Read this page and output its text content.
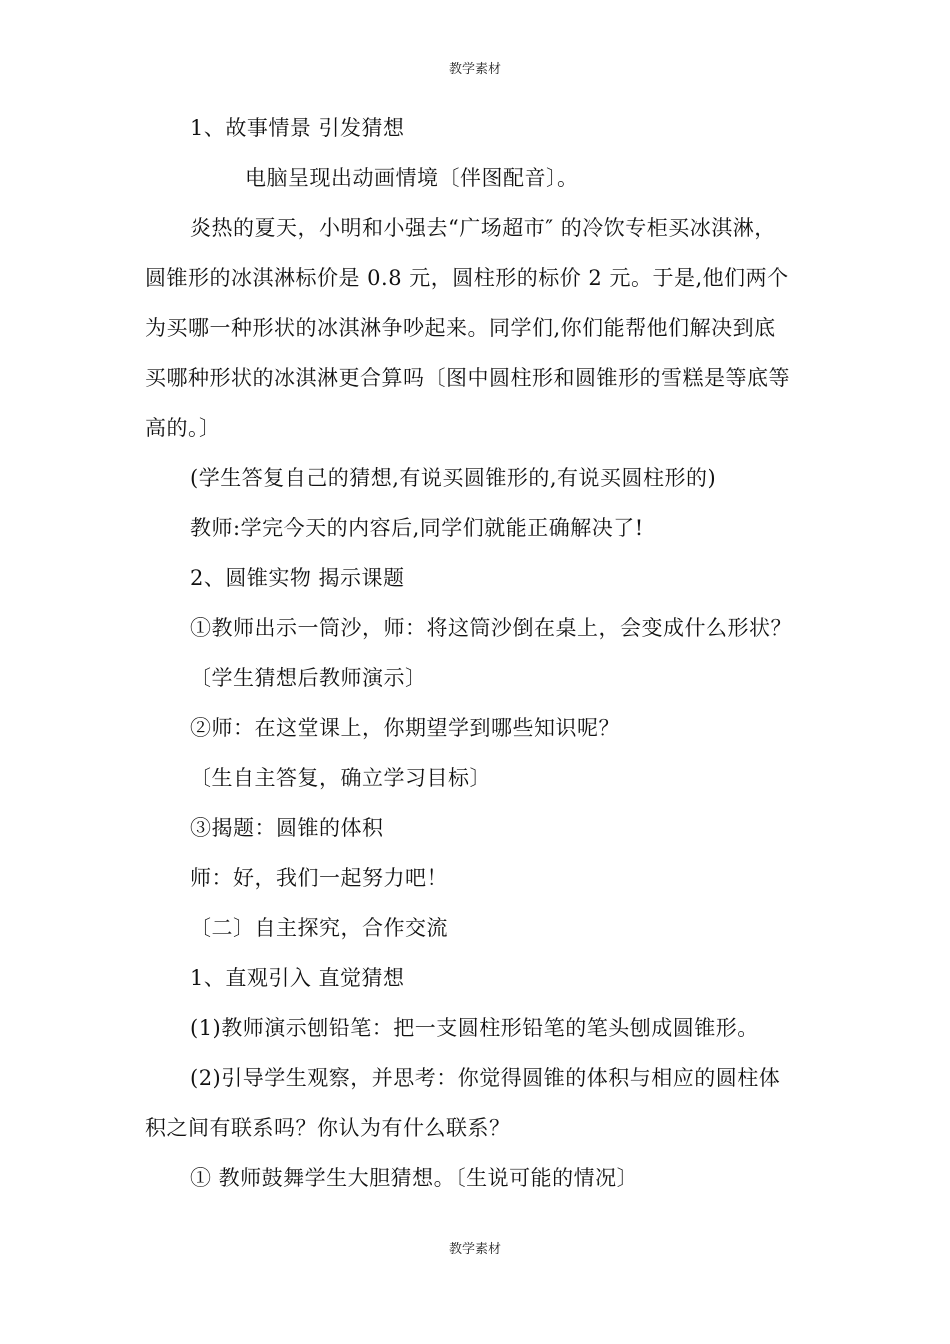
教学素材
1、故事情景 引发猜想
电脑呈现出动画情境〔伴图配音〕。
炎热的夏天，小明和小强去“广场超市″ 的冷饮专柜买冰淇淋，
圆锥形的冰淇淋标价是 0.8 元，圆柱形的标价 2 元。于是,他们两个
为买哪一种形状的冰淇淋争吵起来。同学们,你们能帮他们解决到底
买哪种形状的冰淇淋更合算吗〔图中圆柱形和圆锥形的雪糕是等底等
高的。〕
(学生答复自己的猜想,有说买圆锥形的,有说买圆柱形的)
教师:学完今天的内容后,同学们就能正确解决了!
2、圆锥实物 揭示课题
①教师出示一筒沙，师：将这筒沙倒在桌上，会变成什么形状？
〔学生猜想后教师演示〕
②师：在这堂课上，你期望学到哪些知识呢？
〔生自主答复，确立学习目标〕
③揭题：圆锥的体积
师：好，我们一起努力吧！
〔二〕自主探究，合作交流
1、直观引入 直觉猜想
(1)教师演示刨铅笔：把一支圆柱形铅笔的笔头刨成圆锥形。
(2)引导学生观察，并思考：你觉得圆锥的体积与相应的圆柱体
积之间有联系吗？你认为有什么联系？
① 教师鼓舞学生大胆猜想。〔生说可能的情况〕
教学素材
